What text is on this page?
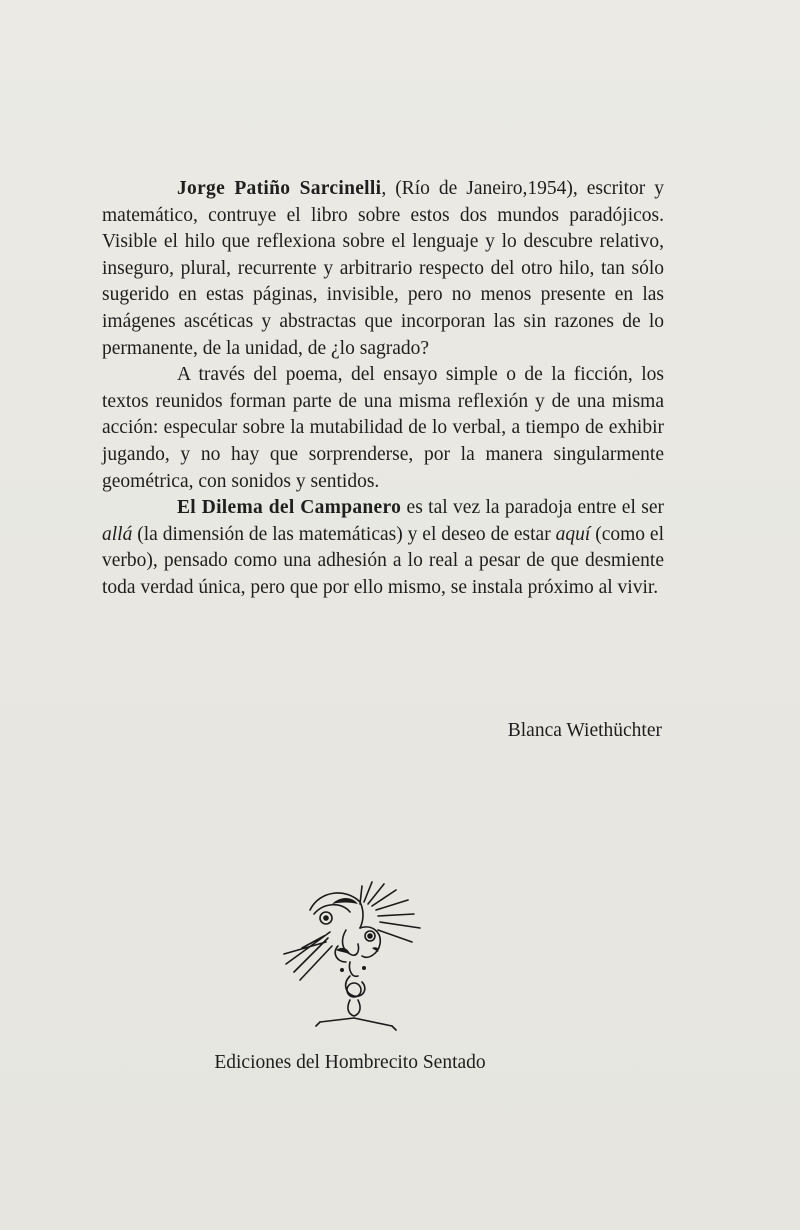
Jorge Patiño Sarcinelli, (Río de Janeiro,1954), escritor y matemático, contruye el libro sobre estos dos mundos paradójicos. Visible el hilo que reflexiona sobre el lenguaje y lo descubre relativo, inseguro, plural, recurrente y arbitrario respecto del otro hilo, tan sólo sugerido en estas páginas, invisible, pero no menos presente en las imágenes ascéticas y abstractas que incorporan las sin razones de lo permanente, de la unidad, de ¿lo sagrado?

A través del poema, del ensayo simple o de la ficción, los textos reunidos forman parte de una misma reflexión y de una misma acción: especular sobre la mutabilidad de lo verbal, a tiempo de exhibir jugando, y no hay que sorprenderse, por la manera singularmente geométrica, con sonidos y sentidos.

El Dilema del Campanero es tal vez la paradoja entre el ser allá (la dimensión de las matemáticas) y el deseo de estar aquí (como el verbo), pensado como una adhesión a lo real a pesar de que desmiente toda verdad única, pero que por ello mismo, se instala próximo al vivir.

Blanca Wiethüchter
Ediciones del Hombrecito Sentado
